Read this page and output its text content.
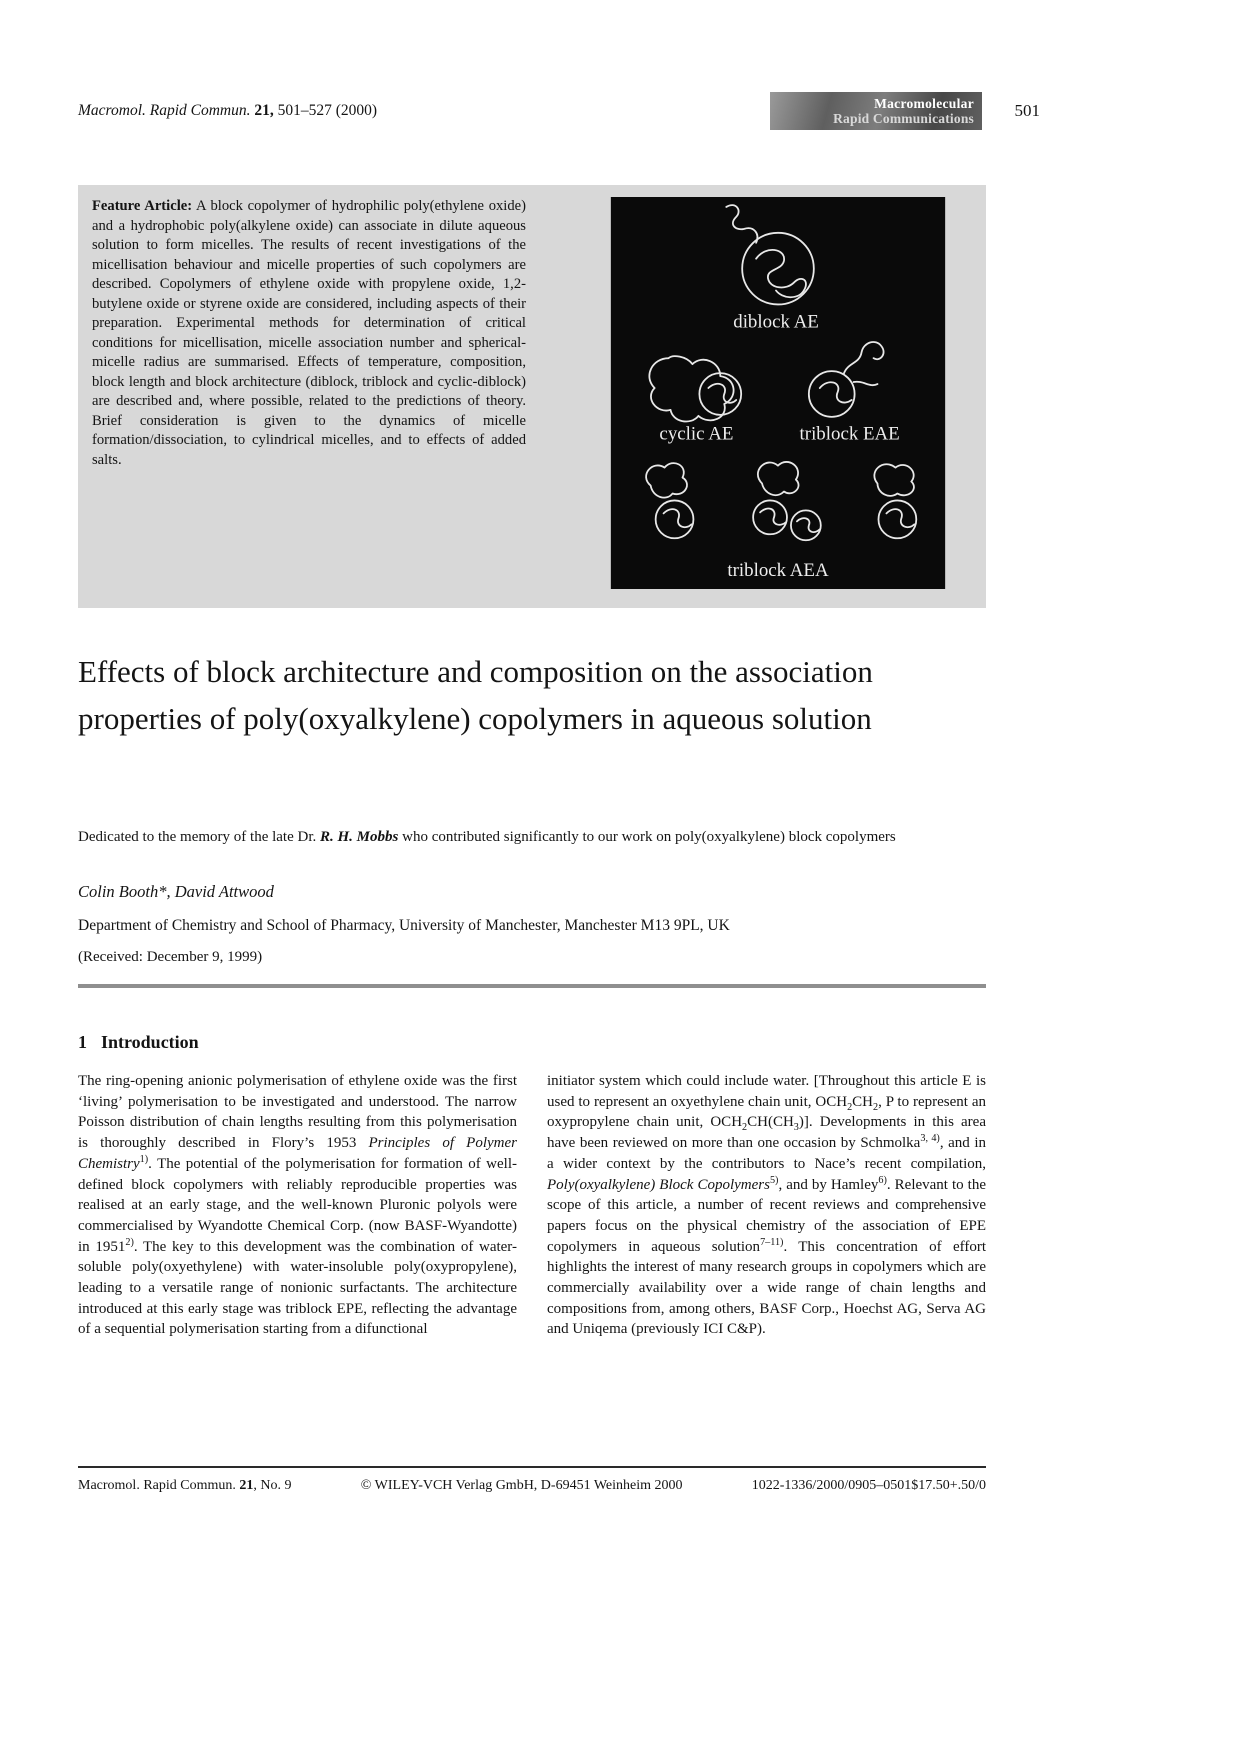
Macromol. Rapid Commun. 21, 501–527 (2000)	Macromolecular
Rapid Communications	501

Feature Article: A block copolymer of hydrophilic poly(ethylene oxide) and a hydrophobic poly(alkylene oxide) can associate in dilute aqueous solution to form micelles. The results of recent investigations of the micellisation behaviour and micelle properties of such copolymers are described. Copolymers of ethylene oxide with propylene oxide, 1,2-butylene oxide or styrene oxide are considered, including aspects of their preparation. Experimental methods for determination of critical conditions for micellisation, micelle association number and spherical-micelle radius are summarised. Effects of temperature, composition, block length and block architecture (diblock, triblock and cyclic-diblock) are described and, where possible, related to the predictions of theory. Brief consideration is given to the dynamics of micelle formation/dissociation, to cylindrical micelles, and to effects of added salts.

diblock AE
cyclic AE	triblock EAE
triblock AEA
Effects of block architecture and composition on the association properties of poly(oxyalkylene) copolymers in aqueous solution
Dedicated to the memory of the late Dr. R. H. Mobbs who contributed significantly to our work on poly(oxyalkylene) block copolymers
Colin Booth*, David Attwood
Department of Chemistry and School of Pharmacy, University of Manchester, Manchester M13 9PL, UK
(Received: December 9, 1999)
1 Introduction

The ring-opening anionic polymerisation of ethylene oxide was the first ‘living’ polymerisation to be investigated and understood. The narrow Poisson distribution of chain lengths resulting from this polymerisation is thoroughly described in Flory’s 1953 Principles of Polymer Chemistry$^{1)}$. The potential of the polymerisation for formation of well-defined block copolymers with reliably reproducible properties was realised at an early stage, and the well-known Pluronic polyols were commercialised by Wyandotte Chemical Corp. (now BASF-Wyandotte) in 1951$^{2)}$. The key to this development was the combination of water-soluble poly(oxyethylene) with water-insoluble poly(oxypropylene), leading to a versatile range of nonionic surfactants. The architecture introduced at this early stage was triblock EPE, reflecting the advantage of a sequential polymerisation starting from a difunctional

initiator system which could include water. [Throughout this article E is used to represent an oxyethylene chain unit, $OCH_2CH_2$, P to represent an oxypropylene chain unit, $OCH_2CH(CH_3)$]. Developments in this area have been reviewed on more than one occasion by Schmolka$^{3, 4)}$, and in a wider context by the contributors to Nace’s recent compilation, Poly(oxyalkylene) Block Copolymers$^{5)}$, and by Hamley$^{6)}$. Relevant to the scope of this article, a number of recent reviews and comprehensive papers focus on the physical chemistry of the association of EPE copolymers in aqueous solution$^{7-11)}$. This concentration of effort highlights the interest of many research groups in copolymers which are commercially availability over a wide range of chain lengths and compositions from, among others, BASF Corp., Hoechst AG, Serva AG and Uniqema (previously ICI C&P).

Macromol. Rapid Commun. 21, No. 9	© WILEY-VCH Verlag GmbH, D-69451 Weinheim 2000	1022-1336/2000/0905–0501$17.50+.50/0
